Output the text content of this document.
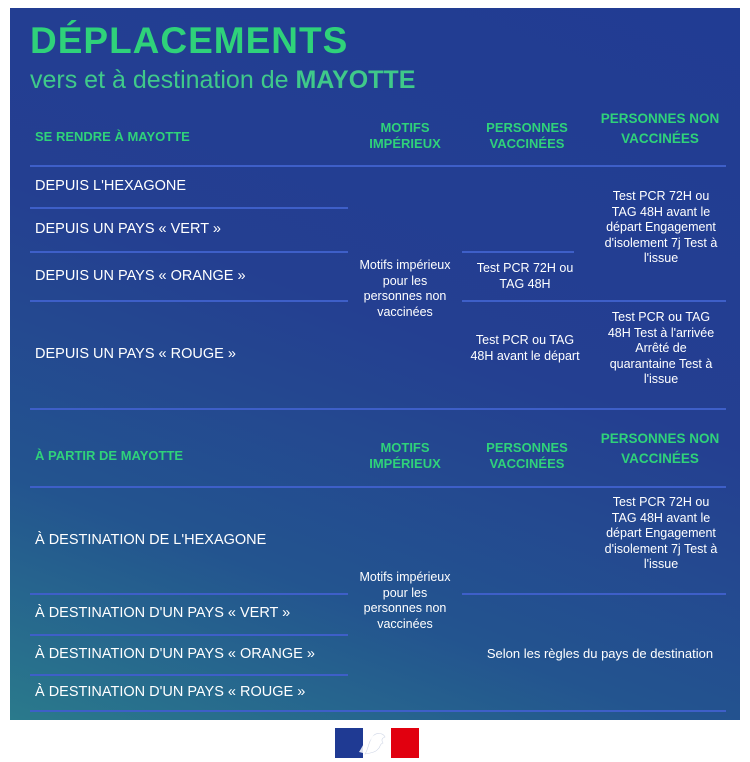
DÉPLACEMENTS
vers et à destination de MAYOTTE
SE RENDRE À MAYOTTE
MOTIFS IMPÉRIEUX
PERSONNES VACCINÉES
PERSONNES NON VACCINÉES
DEPUIS L'HEXAGONE
DEPUIS UN PAYS « VERT »
DEPUIS UN PAYS « ORANGE »
DEPUIS UN PAYS « ROUGE »
Motifs impérieux pour les personnes non vaccinées
Test PCR 72H ou TAG 48H
Test PCR ou TAG 48H avant le départ
Test PCR 72H ou TAG 48H avant le départ Engagement d'isolement 7j Test à l'issue
Test PCR ou TAG 48H Test à l'arrivée Arrêté de quarantaine Test à l'issue
À PARTIR DE MAYOTTE
MOTIFS IMPÉRIEUX
PERSONNES VACCINÉES
PERSONNES NON VACCINÉES
À DESTINATION DE L'HEXAGONE
À DESTINATION D'UN PAYS « VERT »
À DESTINATION D'UN PAYS « ORANGE »
À DESTINATION D'UN PAYS « ROUGE »
Motifs impérieux pour les personnes non vaccinées
Test PCR 72H ou TAG 48H avant le départ Engagement d'isolement 7j Test à l'issue
Selon les règles du pays de destination
